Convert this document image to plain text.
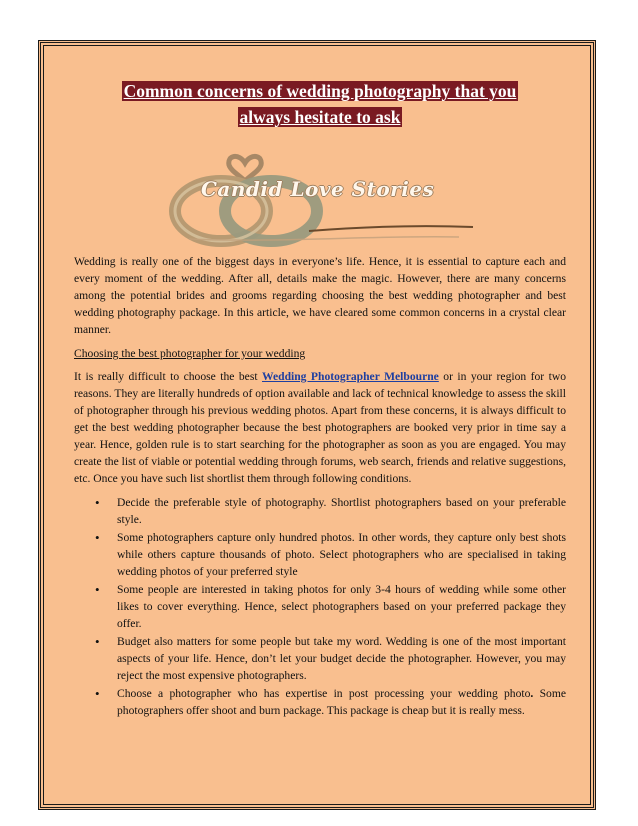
Common concerns of wedding photography that you
always hesitate to ask
Candid Love Stories

Wedding is really one of the biggest days in everyone’s life. Hence, it is essential to capture each and every moment of the wedding. After all, details make the magic. However, there are many concerns among the potential brides and grooms regarding choosing the best wedding photographer and best wedding photography package. In this article, we have cleared some common concerns in a crystal clear manner.

Choosing the best photographer for your wedding

It is really difficult to choose the best Wedding Photographer Melbourne or in your region for two reasons. They are literally hundreds of option available and lack of technical knowledge to assess the skill of photographer through his previous wedding photos. Apart from these concerns, it is always difficult to get the best wedding photographer because the best photographers are booked very prior in time say a year. Hence, golden rule is to start searching for the photographer as soon as you are engaged. You may create the list of viable or potential wedding through forums, web search, friends and relative suggestions, etc. Once you have such list shortlist them through following conditions.

• Decide the preferable style of photography. Shortlist photographers based on your preferable style.
• Some photographers capture only hundred photos. In other words, they capture only best shots while others capture thousands of photo. Select photographers who are specialised in taking wedding photos of your preferred style
• Some people are interested in taking photos for only 3-4 hours of wedding while some other likes to cover everything. Hence, select photographers based on your preferred package they offer.
• Budget also matters for some people but take my word. Wedding is one of the most important aspects of your life. Hence, don’t let your budget decide the photographer. However, you may reject the most expensive photographers.
• Choose a photographer who has expertise in post processing your wedding photo. Some photographers offer shoot and burn package. This package is cheap but it is really mess.
